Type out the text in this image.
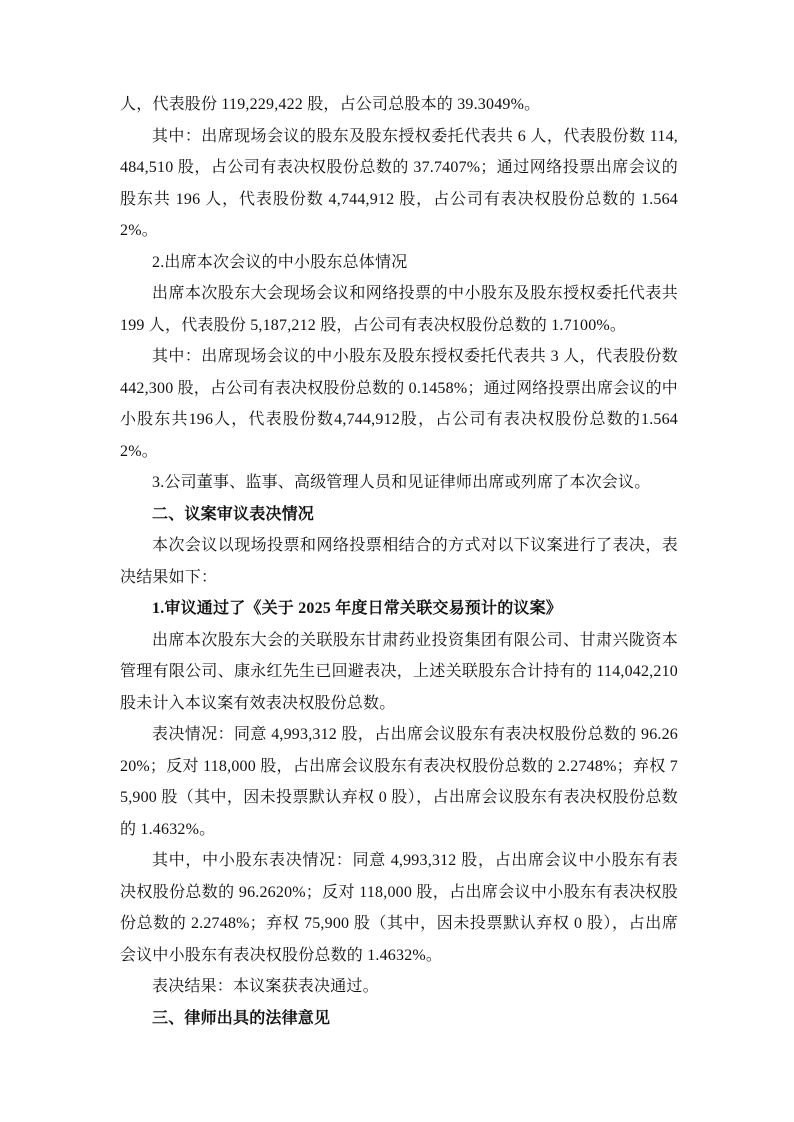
人，代表股份 119,229,422 股，占公司总股本的 39.3049%。

其中：出席现场会议的股东及股东授权委托代表共 6 人，代表股份数 114,484,510 股，占公司有表决权股份总数的 37.7407%；通过网络投票出席会议的股东共 196 人，代表股份数 4,744,912 股，占公司有表决权股份总数的 1.5642%。

2.出席本次会议的中小股东总体情况

出席本次股东大会现场会议和网络投票的中小股东及股东授权委托代表共 199 人，代表股份 5,187,212 股，占公司有表决权股份总数的 1.7100%。

其中：出席现场会议的中小股东及股东授权委托代表共 3 人，代表股份数 442,300 股，占公司有表决权股份总数的 0.1458%；通过网络投票出席会议的中小股东共196人，代表股份数4,744,912股，占公司有表决权股份总数的1.5642%。

3.公司董事、监事、高级管理人员和见证律师出席或列席了本次会议。

二、议案审议表决情况

本次会议以现场投票和网络投票相结合的方式对以下议案进行了表决，表决结果如下：

1.审议通过了《关于 2025 年度日常关联交易预计的议案》

出席本次股东大会的关联股东甘肃药业投资集团有限公司、甘肃兴陇资本管理有限公司、康永红先生已回避表决，上述关联股东合计持有的 114,042,210 股未计入本议案有效表决权股份总数。

表决情况：同意 4,993,312 股，占出席会议股东有表决权股份总数的 96.2620%；反对 118,000 股，占出席会议股东有表决权股份总数的 2.2748%；弃权 75,900 股（其中，因未投票默认弃权 0 股），占出席会议股东有表决权股份总数的 1.4632%。

其中，中小股东表决情况：同意 4,993,312 股，占出席会议中小股东有表决权股份总数的 96.2620%；反对 118,000 股，占出席会议中小股东有表决权股份总数的 2.2748%；弃权 75,900 股（其中，因未投票默认弃权 0 股），占出席会议中小股东有表决权股份总数的 1.4632%。

表决结果：本议案获表决通过。

三、律师出具的法律意见
